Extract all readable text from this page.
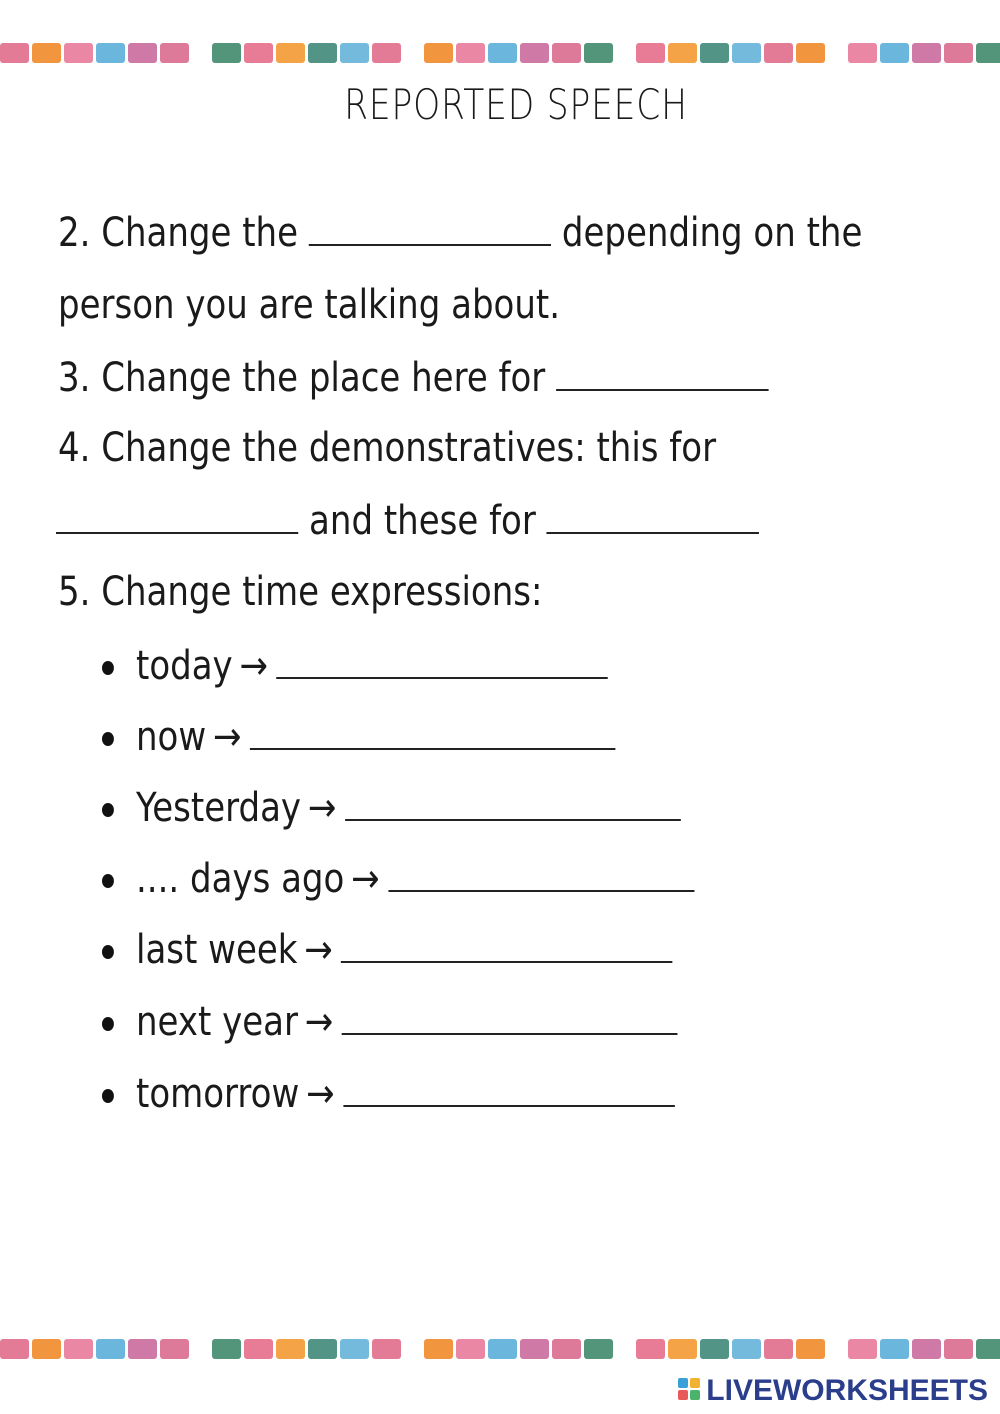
REPORTED SPEECH
2. Change the	depending on the
person you are talking about.
3. Change the place here for
4. Change the demonstratives: this for
and these for
5. Change time expressions:
today →
now →
Yesterday →
.... days ago →
last week →
next year →
tomorrow →
LIVEWORKSHEETS
